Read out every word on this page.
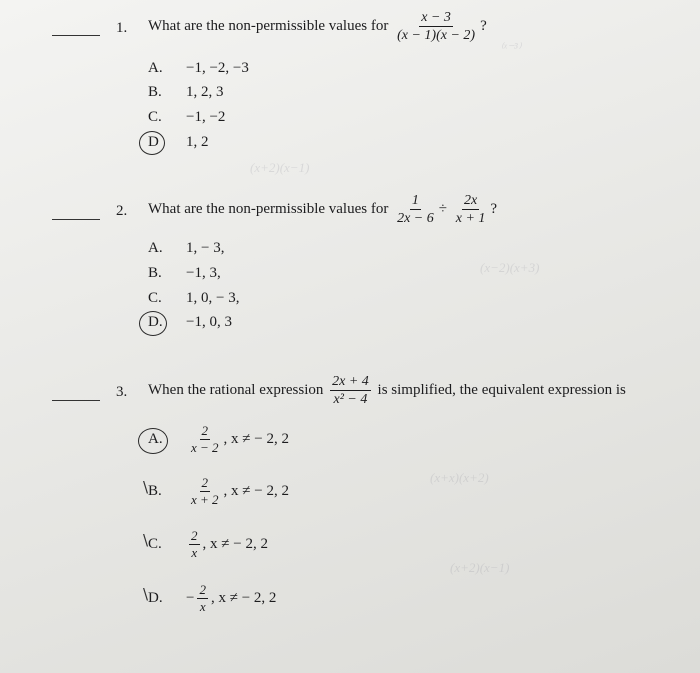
⁽ˣ⁻³⁾
(x+2)(x−1)
(x−2)(x+3)
(x+x)(x+2)
(x+2)(x−1)
1. What are the non-permissible values for $\frac{x - 3}{(x - 1)(x - 2)}$ ?
A.	−1, −2, −3
B.	1, 2, 3
C.	−1, −2
D	1, 2
2. What are the non-permissible values for $\frac{1}{2x - 6} \div \frac{2x}{x + 1}$ ?
A.	1, − 3,
B.	−1, 3,
C.	1, 0, − 3,
D.	−1, 0, 3
3. When the rational expression $\frac{2x + 4}{\text{x² − 4}}$ is simplified, the equivalent expression is
A.	$\frac{2}{x - 2}$ , x ≠ − 2, 2
\ B.	$\frac{2}{x + 2}$ , x ≠ − 2, 2
\ C.	$\frac{2}{x}$ , x ≠ − 2, 2
\ D.	− $\frac{2}{x}$ , x ≠ − 2, 2
